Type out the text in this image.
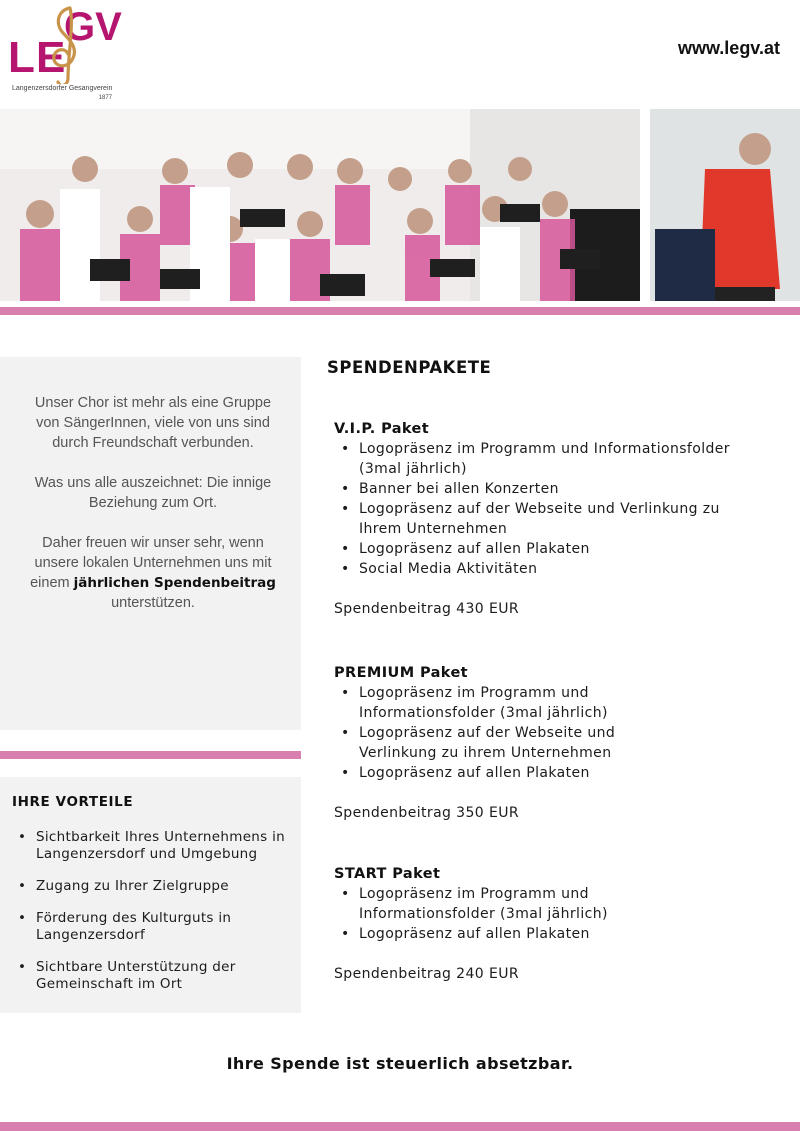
L E
GV
Langenzersdorfer Gesangverein
1877
www.legv.at

Unser Chor ist mehr als eine Gruppe von SängerInnen, viele von uns sind durch Freundschaft verbunden.

Was uns alle auszeichnet: Die innige Beziehung zum Ort.

Daher freuen wir unser sehr, wenn unsere lokalen Unternehmen uns mit einem jährlichen Spendenbeitrag unterstützen.

IHRE VORTEILE
• Sichtbarkeit Ihres Unternehmens in Langenzersdorf und Umgebung
• Zugang zu Ihrer Zielgruppe
• Förderung des Kulturguts in Langenzersdorf
• Sichtbare Unterstützung der Gemeinschaft im Ort
SPENDENPAKETE
V.I.P. Paket
• Logopräsenz im Programm und Informationsfolder (3mal jährlich)
• Banner bei allen Konzerten
• Logopräsenz auf der Webseite und Verlinkung zu Ihrem Unternehmen
• Logopräsenz auf allen Plakaten
• Social Media Aktivitäten
Spendenbeitrag 430 EUR
PREMIUM Paket
• Logopräsenz im Programm und Informationsfolder (3mal jährlich)
• Logopräsenz auf der Webseite und Verlinkung zu ihrem Unternehmen
• Logopräsenz auf allen Plakaten
Spendenbeitrag 350 EUR
START Paket
• Logopräsenz im Programm und Informationsfolder (3mal jährlich)
• Logopräsenz auf allen Plakaten
Spendenbeitrag 240 EUR
Ihre Spende ist steuerlich absetzbar.
